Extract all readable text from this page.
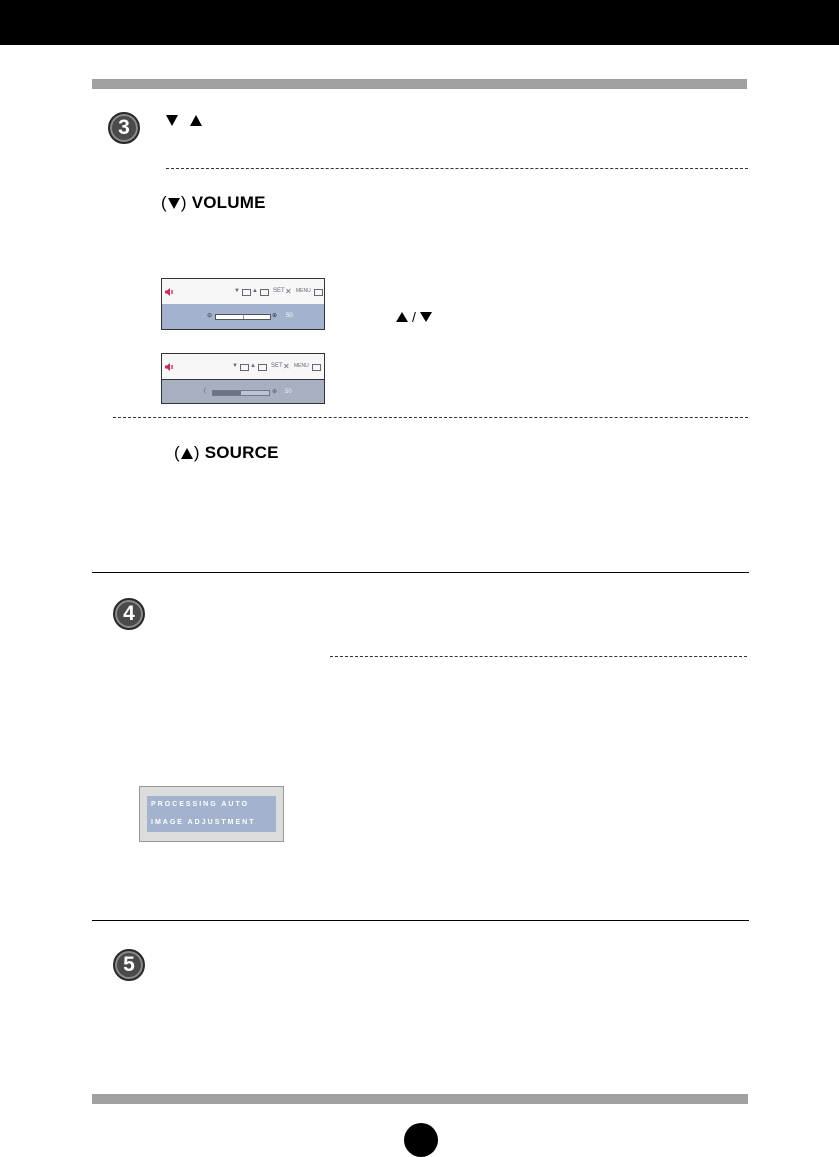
3
( )
VOLUME
▼ ▲	SET ✕ MENU
⊖	⊕ 50	/
▼ ▲	SET ✕ MENU
(	⊕ 50
( )
SOURCE
4
PROCESSING AUTO
IMAGE ADJUSTMENT
5
